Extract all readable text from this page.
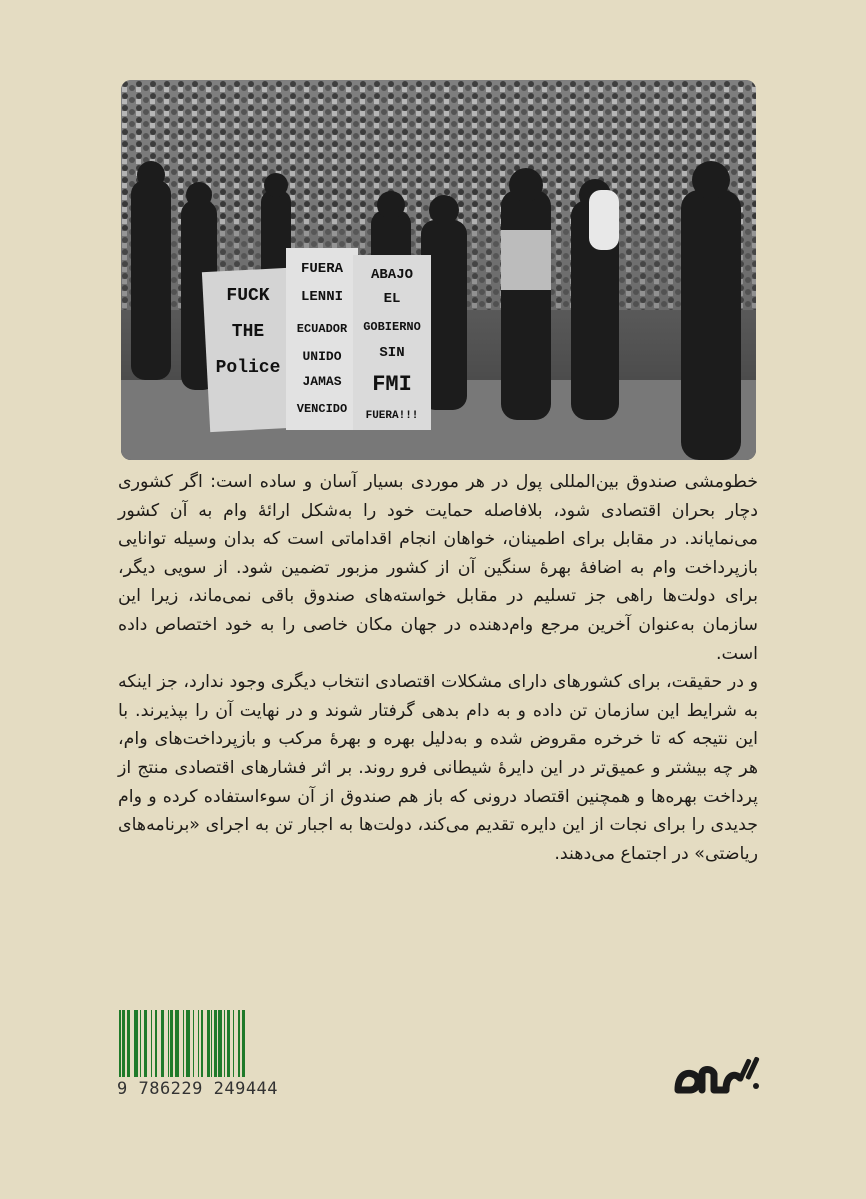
FUCK
THE
Police
FUERA
LENNI
ECUADOR
UNIDO
JAMAS
VENCIDO
ABAJO
EL
GOBIERNO
SIN
FMI
FUERA!!!

خطومشی صندوق بین‌المللی پول در هر موردی بسیار آسان و ساده است: اگر کشوری دچار بحران اقتصادی شود، بلافاصله حمایت خود را به‌شکل ارائهٔ وام به آن کشور می‌نمایاند. در مقابل برای اطمینان، خواهان انجام اقداماتی است که بدان وسیله توانایی بازپرداخت وام به اضافهٔ بهرهٔ سنگین آن از کشور مزبور تضمین شود. از سویی دیگر، برای دولت‌ها راهی جز تسلیم در مقابل خواسته‌های صندوق باقی نمی‌ماند، زیرا این سازمان به‌عنوان آخرین مرجع وام‌دهنده در جهان مکان خاصی را به خود اختصاص داده است.

و در حقیقت، برای کشورهای دارای مشکلات اقتصادی انتخاب دیگری وجود ندارد، جز اینکه به شرایط این سازمان تن داده و به دام بدهی گرفتار شوند و در نهایت آن را بپذیرند. با این نتیجه که تا خرخره مقروض شده و به‌دلیل بهره و بهرهٔ مرکب و بازپرداخت‌های وام، هر چه بیشتر و عمیق‌تر در این دایرهٔ شیطانی فرو روند. بر اثر فشارهای اقتصادی منتج از پرداخت بهره‌ها و همچنین اقتصاد درونی که باز هم صندوق از آن سوءاستفاده کرده و وام جدیدی را برای نجات از این دایره تقدیم می‌کند، دولت‌ها به اجبار تن به اجرای «برنامه‌های ریاضتی» در اجتماع می‌دهند.

9 786229 249444
